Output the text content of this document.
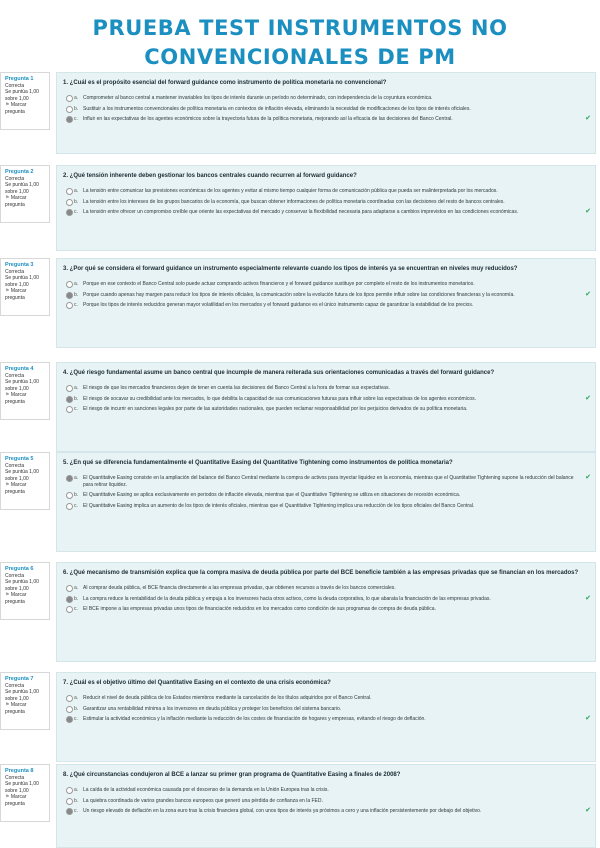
PRUEBA TEST INSTRUMENTOS NO
CONVENCIONALES DE PM
Pregunta 1
Correcta
Se puntúa 1,00 sobre 1,00
⚑ Marcar pregunta
1. ¿Cuál es el propósito esencial del forward guidance como instrumento de política monetaria no convencional?
a. Comprometer al banco central a mantener invariables los tipos de interés durante un período no determinado, con independencia de la coyuntura económica.
b. Sustituir a los instrumentos convencionales de política monetaria en contextos de inflación elevada, eliminando la necesidad de modificaciones de los tipos de interés oficiales.
c. Influir en las expectativas de los agentes económicos sobre la trayectoria futura de la política monetaria, mejorando así la eficacia de las decisiones del Banco Central.	✔
Pregunta 2
Correcta
Se puntúa 1,00 sobre 1,00
⚑ Marcar pregunta
2. ¿Qué tensión inherente deben gestionar los bancos centrales cuando recurren al forward guidance?
a. La tensión entre comunicar las previsiones económicas de los agentes y evitar al mismo tiempo cualquier forma de comunicación pública que pueda ser malinterpretada por los mercados.
b. La tensión entre los intereses de los grupos bancarios de la economía, que buscan obtener informaciones de política monetaria coordinadas con las decisiones del resto de bancos centrales.
c. La tensión entre ofrecer un compromiso creíble que oriente las expectativas del mercado y conservar la flexibilidad necesaria para adaptarse a cambios imprevistos en las condiciones económicas.	✔
Pregunta 3
Correcta
Se puntúa 1,00 sobre 1,00
⚑ Marcar pregunta
3. ¿Por qué se considera el forward guidance un instrumento especialmente relevante cuando los tipos de interés ya se encuentran en niveles muy reducidos?
a. Porque en ese contexto el Banco Central solo puede actuar comprando activos financieros y el forward guidance sustituye por completo el resto de los instrumentos monetarios.
b. Porque cuando apenas hay margen para reducir los tipos de interés oficiales, la comunicación sobre la evolución futura de los tipos permite influir sobre las condiciones financieras y la economía.	✔
c. Porque los tipos de interés reducidos generan mayor volatilidad en los mercados y el forward guidance es el único instrumento capaz de garantizar la estabilidad de los precios.
Pregunta 4
Correcta
Se puntúa 1,00 sobre 1,00
⚑ Marcar pregunta
4. ¿Qué riesgo fundamental asume un banco central que incumple de manera reiterada sus orientaciones comunicadas a través del forward guidance?
a. El riesgo de que los mercados financieros dejen de tener en cuenta las decisiones del Banco Central a la hora de formar sus expectativas.
b. El riesgo de socavar su credibilidad ante los mercados, lo que debilita la capacidad de sus comunicaciones futuras para influir sobre las expectativas de los agentes económicos.	✔
c. El riesgo de incurrir en sanciones legales por parte de las autoridades nacionales, que pueden reclamar responsabilidad por los perjuicios derivados de su política monetaria.
Pregunta 5
Correcta
Se puntúa 1,00 sobre 1,00
⚑ Marcar pregunta
5. ¿En qué se diferencia fundamentalmente el Quantitative Easing del Quantitative Tightening como instrumentos de política monetaria?
a. El Quantitative Easing consiste en la ampliación del balance del Banco Central mediante la compra de activos para inyectar liquidez en la economía, mientras que el Quantitative Tightening supone la reducción del balance para retirar liquidez.
✔
b. El Quantitative Easing se aplica exclusivamente en periodos de inflación elevada, mientras que el Quantitative Tightening se utiliza en situaciones de recesión económica.
c. El Quantitative Easing implica un aumento de los tipos de interés oficiales, mientras que el Quantitative Tightening implica una reducción de los tipos oficiales del Banco Central.
Pregunta 6
Correcta
Se puntúa 1,00 sobre 1,00
⚑ Marcar pregunta
6. ¿Qué mecanismo de transmisión explica que la compra masiva de deuda pública por parte del BCE beneficie también a las empresas privadas que se financian en los mercados?
a. Al comprar deuda pública, el BCE financia directamente a las empresas privadas, que obtienen recursos a través de los bancos comerciales.
b. La compra reduce la rentabilidad de la deuda pública y empuja a los inversores hacia otros activos, como la deuda corporativa, lo que abarata la financiación de las empresas privadas.	✔
c. El BCE impone a las empresas privadas unos tipos de financiación reducidos en los mercados como condición de sus programas de compra de deuda pública.
Pregunta 7
Correcta
Se puntúa 1,00 sobre 1,00
⚑ Marcar pregunta
7. ¿Cuál es el objetivo último del Quantitative Easing en el contexto de una crisis económica?
a. Reducir el nivel de deuda pública de los Estados miembros mediante la cancelación de los títulos adquiridos por el Banco Central.
b. Garantizar una rentabilidad mínima a los inversores en deuda pública y proteger los beneficios del sistema bancario.
c. Estimular la actividad económica y la inflación mediante la reducción de los costes de financiación de hogares y empresas, evitando el riesgo de deflación.	✔
Pregunta 8
Correcta
Se puntúa 1,00 sobre 1,00
⚑ Marcar pregunta
8. ¿Qué circunstancias condujeron al BCE a lanzar su primer gran programa de Quantitative Easing a finales de 2008?
a. La caída de la actividad económica causada por el descenso de la demanda en la Unión Europea tras la crisis.
b. La quiebra coordinada de varios grandes bancos europeos que generó una pérdida de confianza en la FED.
c. Un riesgo elevado de deflación en la zona euro tras la crisis financiera global, con unos tipos de interés ya próximos a cero y una inflación persistentemente por debajo del objetivo.	✔
